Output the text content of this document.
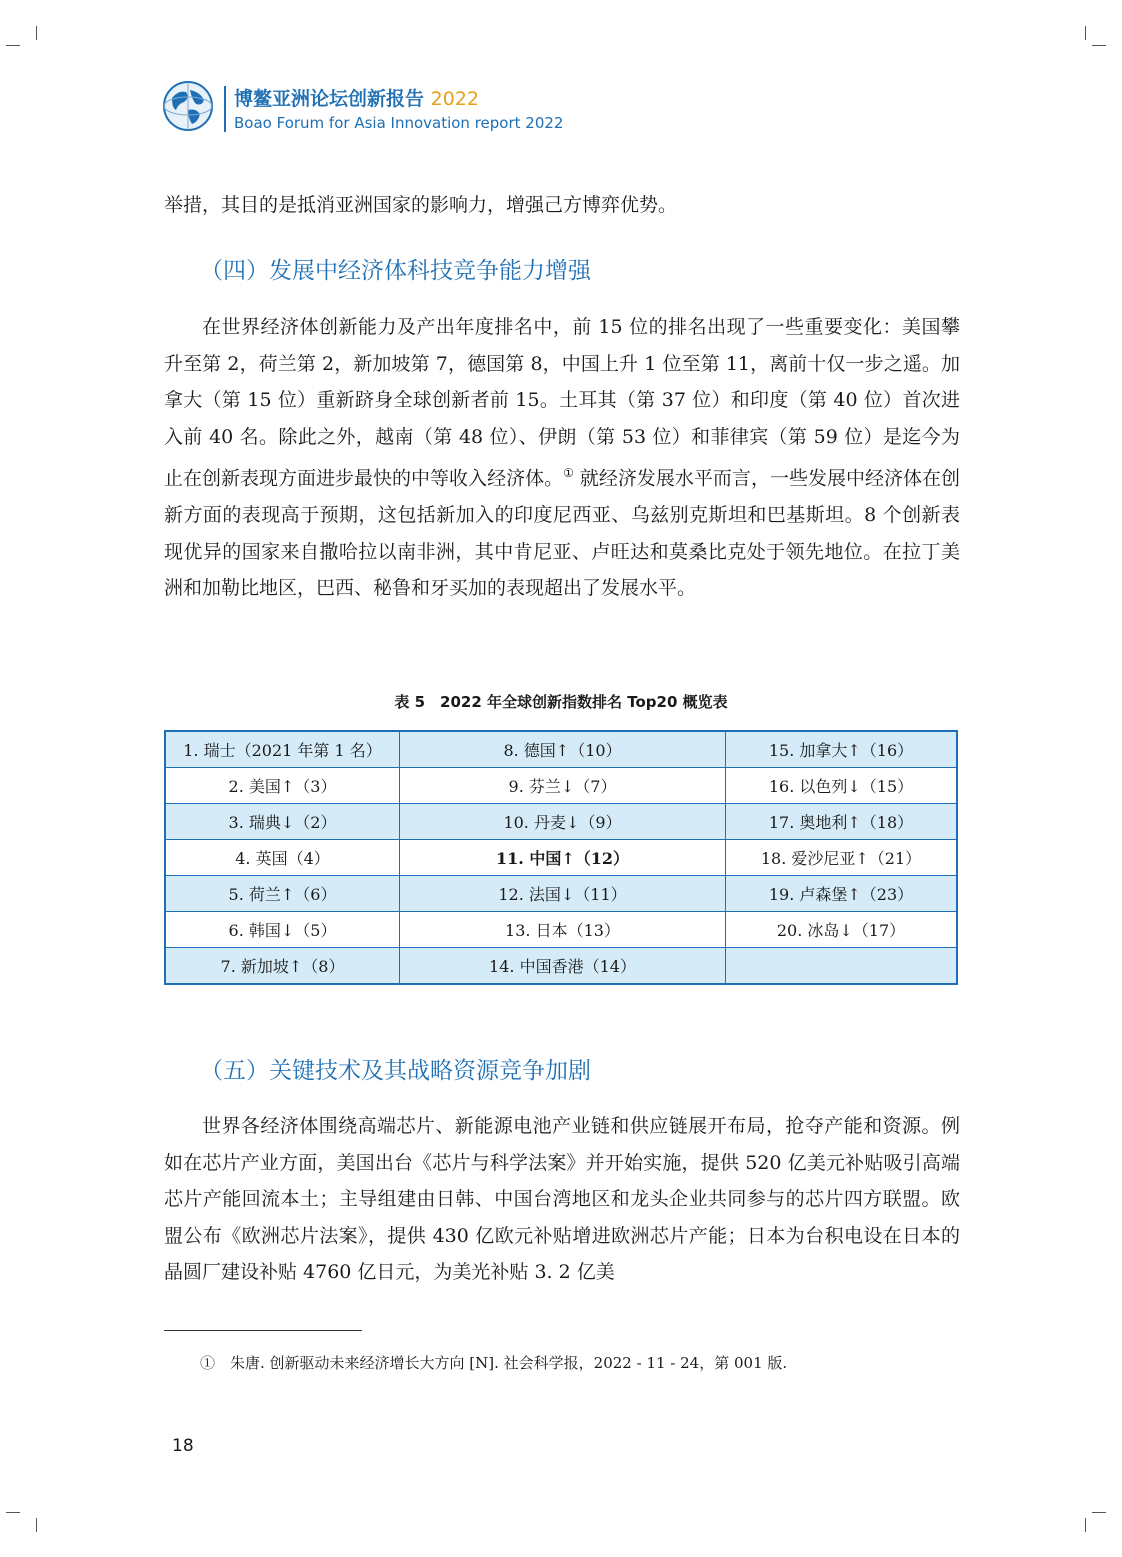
博鳌亚洲论坛创新报告 2022
Boao Forum for Asia Innovation report 2022

举措，其目的是抵消亚洲国家的影响力，增强己方博弈优势。

（四）发展中经济体科技竞争能力增强

在世界经济体创新能力及产出年度排名中，前 15 位的排名出现了一些重要变化：美国攀升至第 2，荷兰第 2，新加坡第 7，德国第 8，中国上升 1 位至第 11，离前十仅一步之遥。加拿大（第 15 位）重新跻身全球创新者前 15。土耳其（第 37 位）和印度（第 40 位）首次进入前 40 名。除此之外，越南（第 48 位）、伊朗（第 53 位）和菲律宾（第 59 位）是迄今为止在创新表现方面进步最快的中等收入经济体。① 就经济发展水平而言，一些发展中经济体在创新方面的表现高于预期，这包括新加入的印度尼西亚、乌兹别克斯坦和巴基斯坦。8 个创新表现优异的国家来自撒哈拉以南非洲，其中肯尼亚、卢旺达和莫桑比克处于领先地位。在拉丁美洲和加勒比地区，巴西、秘鲁和牙买加的表现超出了发展水平。

表 5　2022 年全球创新指数排名 Top20 概览表
1. 瑞士（2021 年第 1 名）	8. 德国↑（10）	15. 加拿大↑（16）
2. 美国↑（3）	9. 芬兰↓（7）	16. 以色列↓（15）
3. 瑞典↓（2）	10. 丹麦↓（9）	17. 奥地利↑（18）
4. 英国（4）	11. 中国↑（12）	18. 爱沙尼亚↑（21）
5. 荷兰↑（6）	12. 法国↓（11）	19. 卢森堡↑（23）
6. 韩国↓（5）	13. 日本（13）	20. 冰岛↓（17）
7. 新加坡↑（8）	14. 中国香港（14）	
（五）关键技术及其战略资源竞争加剧

世界各经济体围绕高端芯片、新能源电池产业链和供应链展开布局，抢夺产能和资源。例如在芯片产业方面，美国出台《芯片与科学法案》并开始实施，提供 520 亿美元补贴吸引高端芯片产能回流本土；主导组建由日韩、中国台湾地区和龙头企业共同参与的芯片四方联盟。欧盟公布《欧洲芯片法案》，提供 430 亿欧元补贴增进欧洲芯片产能；日本为台积电设在日本的晶圆厂建设补贴 4760 亿日元，为美光补贴 3. 2 亿美

①　朱唐. 创新驱动未来经济增长大方向 [N]. 社会科学报，2022 - 11 - 24，第 001 版.
18
